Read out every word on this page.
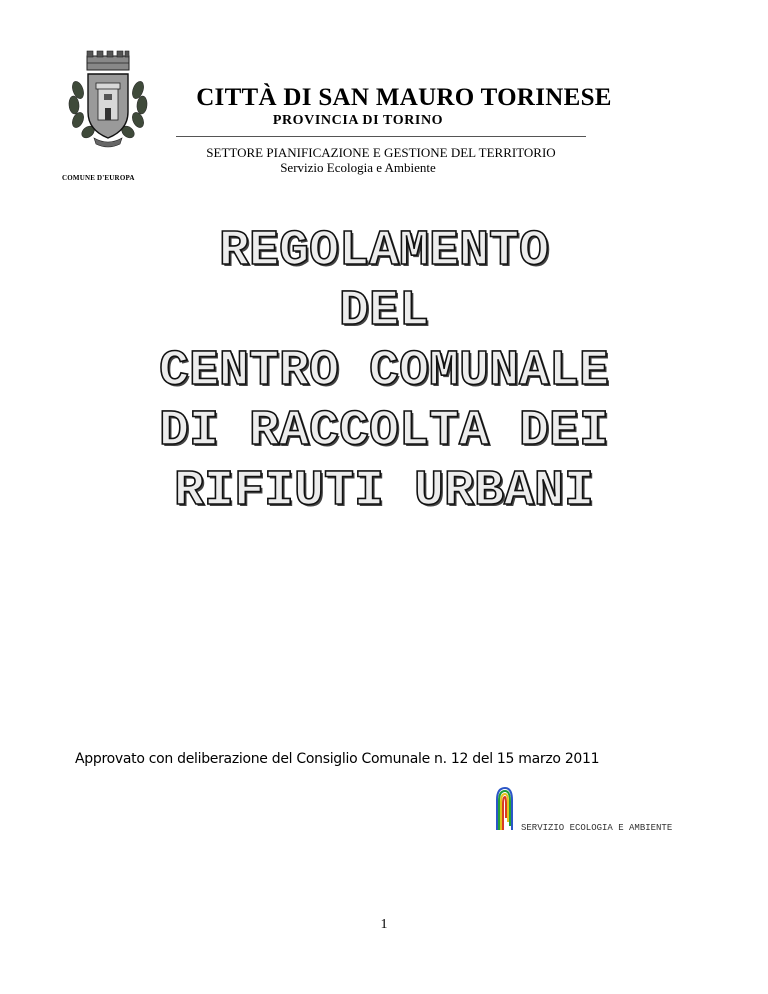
COMUNE D'EUROPA
CITTÀ DI SAN MAURO TORINESE
PROVINCIA DI TORINO
SETTORE PIANIFICAZIONE E GESTIONE DEL TERRITORIO
Servizio Ecologia e Ambiente
REGOLAMENTO
DEL
CENTRO COMUNALE
DI RACCOLTA DEI
RIFIUTI URBANI
Approvato con deliberazione del Consiglio Comunale n. 12 del 15 marzo 2011
SERVIZIO ECOLOGIA E AMBIENTE
1
